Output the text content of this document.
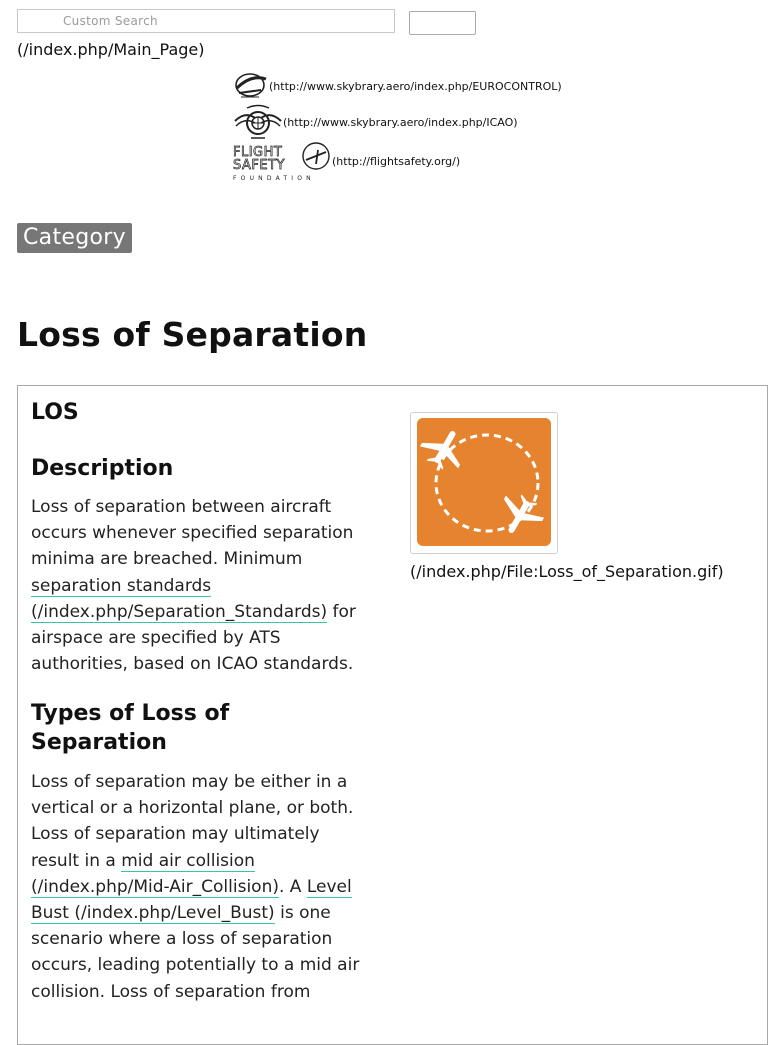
Custom Search
(/index.php/Main_Page)
(http://www.skybrary.aero/index.php/EUROCONTROL)
(http://www.skybrary.aero/index.php/ICAO)
FLIGHT
SAFETY
FOUNDATION
(http://flightsafety.org/)
Category
Loss of Separation
LOS
Description

Loss of separation between aircraft occurs whenever specified separation minima are breached. Minimum separation standards (/index.php/Separation_Standards) for airspace are specified by ATS authorities, based on ICAO standards.

Types of Loss of Separation

Loss of separation may be either in a vertical or a horizontal plane, or both. Loss of separation may ultimately result in a mid air collision (/index.php/Mid-Air_Collision). A Level Bust (/index.php/Level_Bust) is one scenario where a loss of separation occurs, leading potentially to a mid air collision. Loss of separation from

(/index.php/File:Loss_of_Separation.gif)
